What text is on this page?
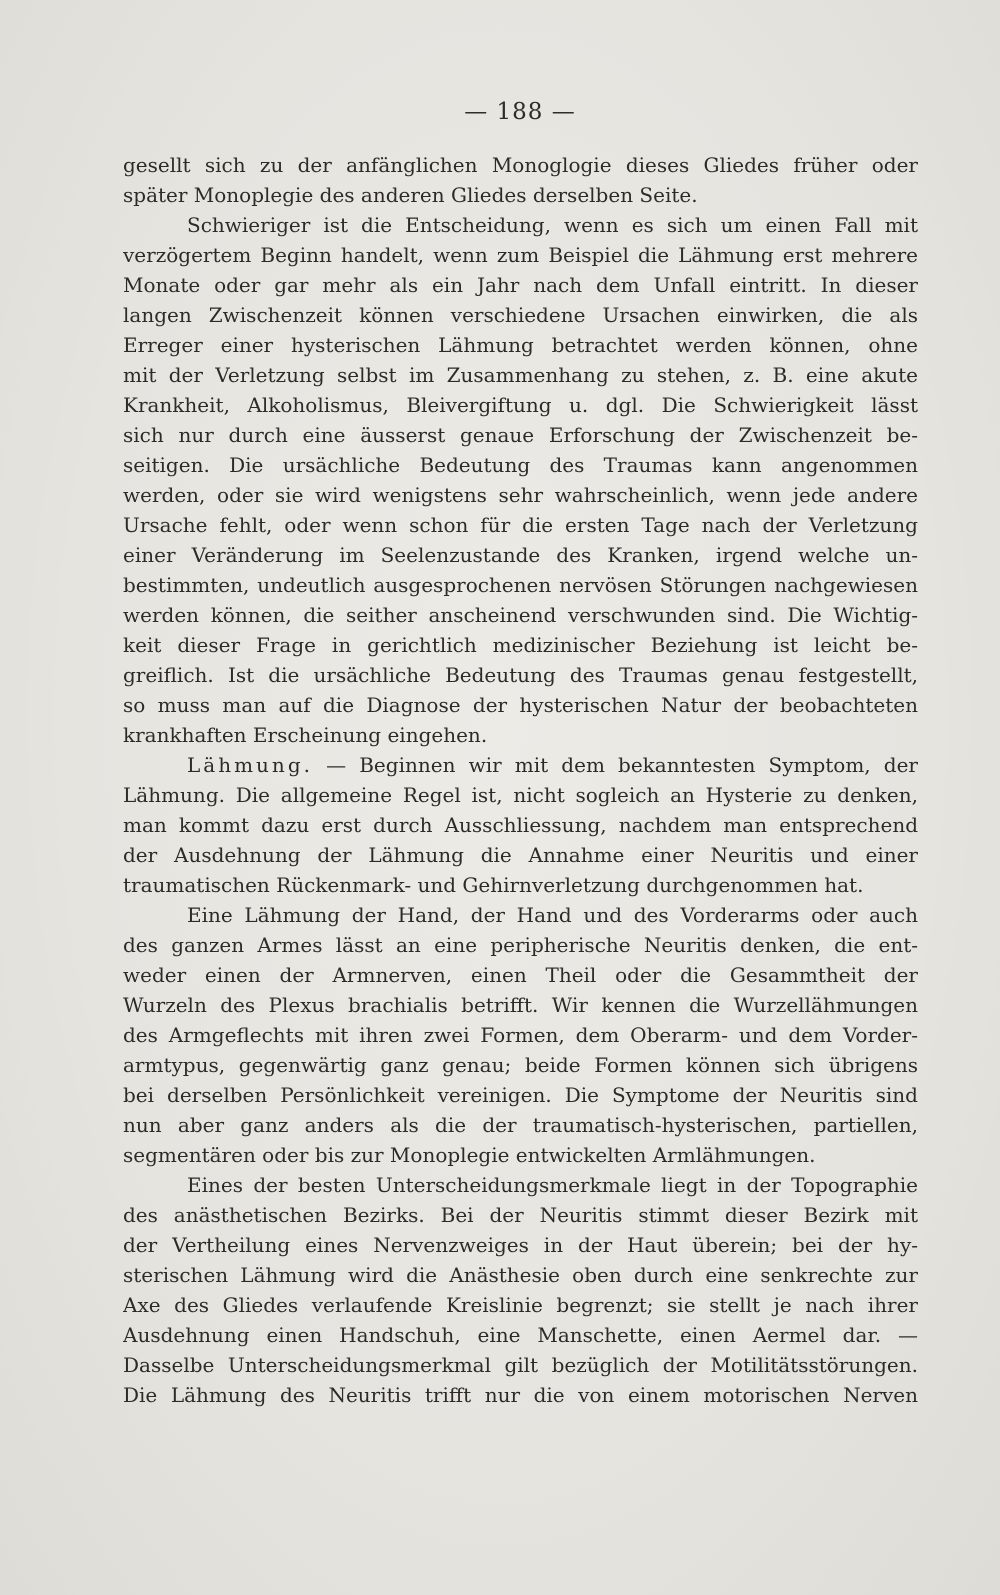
— 188 —
gesellt sich zu der anfänglichen Monoglogie dieses Gliedes früher oder
später Monoplegie des anderen Gliedes derselben Seite.
Schwieriger ist die Entscheidung, wenn es sich um einen Fall mit
verzögertem Beginn handelt, wenn zum Beispiel die Lähmung erst mehrere
Monate oder gar mehr als ein Jahr nach dem Unfall eintritt. In dieser
langen Zwischenzeit können verschiedene Ursachen einwirken, die als
Erreger einer hysterischen Lähmung betrachtet werden können, ohne
mit der Verletzung selbst im Zusammenhang zu stehen, z. B. eine akute
Krankheit, Alkoholismus, Bleivergiftung u. dgl. Die Schwierigkeit lässt
sich nur durch eine äusserst genaue Erforschung der Zwischenzeit be-
seitigen. Die ursächliche Bedeutung des Traumas kann angenommen
werden, oder sie wird wenigstens sehr wahrscheinlich, wenn jede andere
Ursache fehlt, oder wenn schon für die ersten Tage nach der Verletzung
einer Veränderung im Seelenzustande des Kranken, irgend welche un-
bestimmten, undeutlich ausgesprochenen nervösen Störungen nachgewiesen
werden können, die seither anscheinend verschwunden sind. Die Wichtig-
keit dieser Frage in gerichtlich medizinischer Beziehung ist leicht be-
greiflich. Ist die ursächliche Bedeutung des Traumas genau festgestellt,
so muss man auf die Diagnose der hysterischen Natur der beobachteten
krankhaften Erscheinung eingehen.
Lähmung. — Beginnen wir mit dem bekanntesten Symptom, der
Lähmung. Die allgemeine Regel ist, nicht sogleich an Hysterie zu denken,
man kommt dazu erst durch Ausschliessung, nachdem man entsprechend
der Ausdehnung der Lähmung die Annahme einer Neuritis und einer
traumatischen Rückenmark- und Gehirnverletzung durchgenommen hat.
Eine Lähmung der Hand, der Hand und des Vorderarms oder auch
des ganzen Armes lässt an eine peripherische Neuritis denken, die ent-
weder einen der Armnerven, einen Theil oder die Gesammtheit der
Wurzeln des Plexus brachialis betrifft. Wir kennen die Wurzellähmungen
des Armgeflechts mit ihren zwei Formen, dem Oberarm- und dem Vorder-
armtypus, gegenwärtig ganz genau; beide Formen können sich übrigens
bei derselben Persönlichkeit vereinigen. Die Symptome der Neuritis sind
nun aber ganz anders als die der traumatisch-hysterischen, partiellen,
segmentären oder bis zur Monoplegie entwickelten Armlähmungen.
Eines der besten Unterscheidungsmerkmale liegt in der Topographie
des anästhetischen Bezirks. Bei der Neuritis stimmt dieser Bezirk mit
der Vertheilung eines Nervenzweiges in der Haut überein; bei der hy-
sterischen Lähmung wird die Anästhesie oben durch eine senkrechte zur
Axe des Gliedes verlaufende Kreislinie begrenzt; sie stellt je nach ihrer
Ausdehnung einen Handschuh, eine Manschette, einen Aermel dar. —
Dasselbe Unterscheidungsmerkmal gilt bezüglich der Motilitätsstörungen.
Die Lähmung des Neuritis trifft nur die von einem motorischen Nerven
